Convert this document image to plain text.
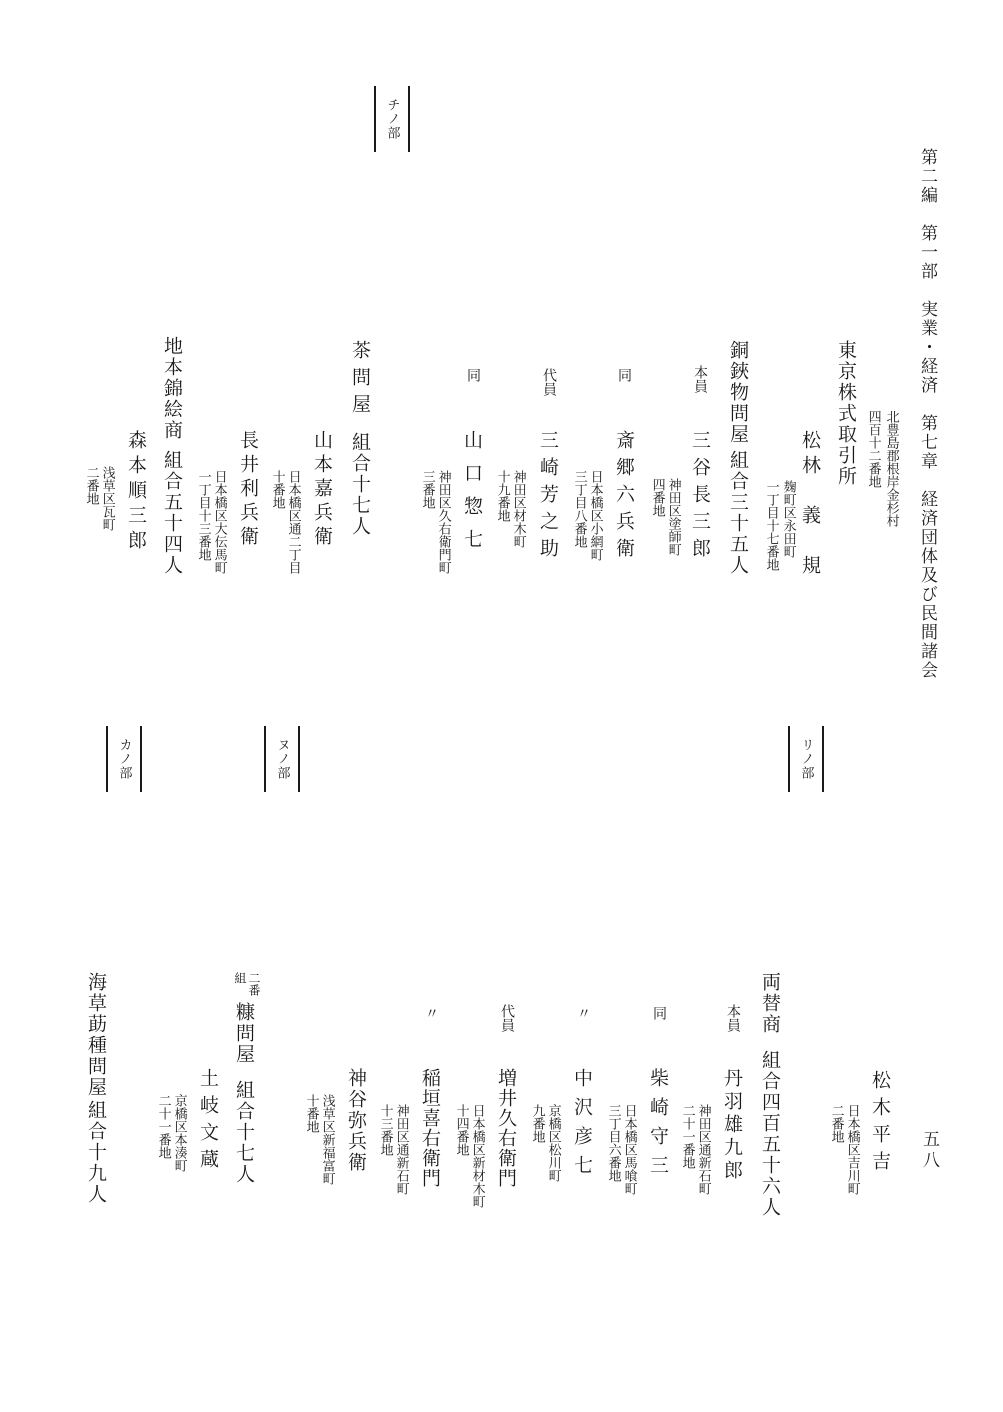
第二編　第一部　実業・経済　第七章　経済団体及び民間諸会
五八
東京株式取引所 北豊島郡根岸金杉村
四百十二番地
松林　義　規
麹町区永田町
一丁目十七番地
銅鋏物問屋
組合三十五人
本員
三谷長三郎
神田区塗師町
四番地
同
斎郷六兵衛
日本橋区小網町
三丁目八番地
代員
三崎芳之助
神田区材木町
十九番地
同
山口惣七
神田区久右衛門町
三番地
チノ部
茶問屋
組合十七人
山本嘉兵衛
日本橋区通二丁目
十番地
長井利兵衛
日本橋区大伝馬町
一丁目十三番地
地本錦絵商
組合五十四人
森本順三郎
浅草区瓦町
二番地
リノ部
ヌノ部
カノ部
松木平吉
日本橋区吉川町
二番地
両替商
組合四百五十六人
本員
丹羽雄九郎
神田区通新石町
二十一番地
同
柴崎守三
日本橋区馬喰町
三丁目六番地
〃
中沢彦七
京橋区松川町
九番地
代員
増井久右衛門
日本橋区新材木町
十四番地
〃
稲垣喜右衛門
神田区通新石町
十三番地
神谷弥兵衛
浅草区新福富町
十番地
二番
組
糠問屋
組合十七人
土岐文蔵
京橋区本湊町
二十一番地
海草莇種問屋
組合十九人
